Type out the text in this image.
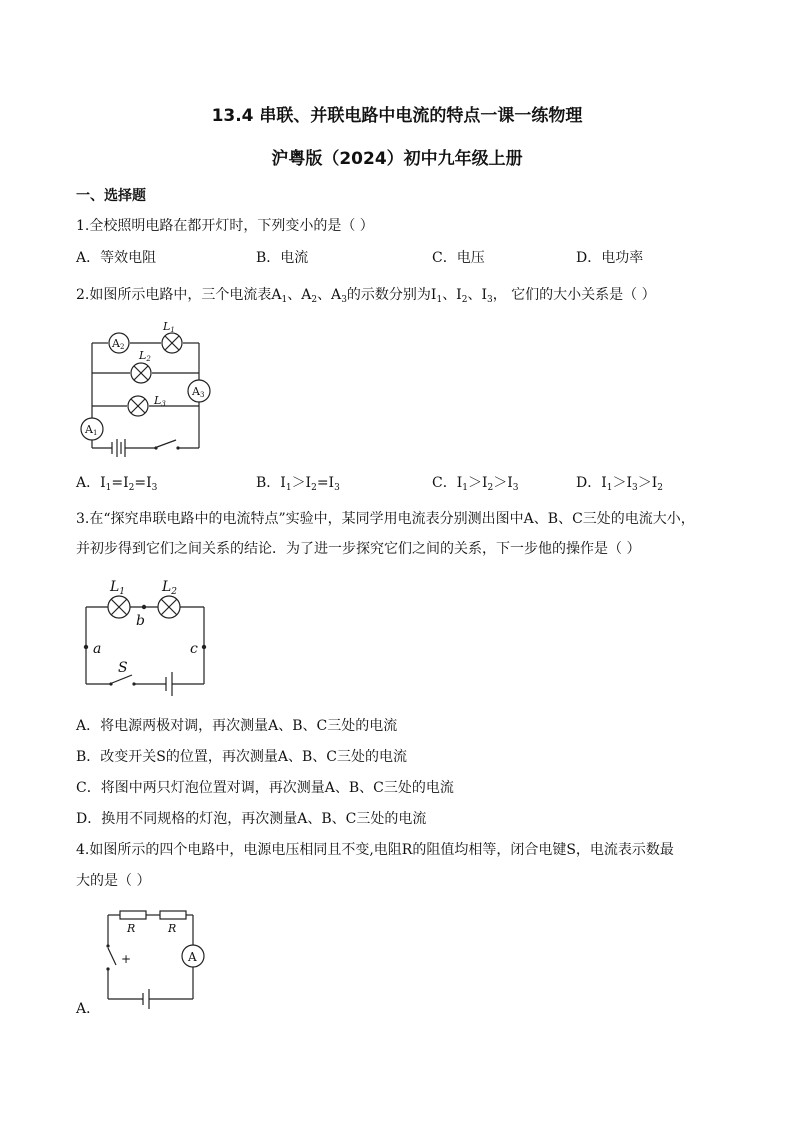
13.4 串联、并联电路中电流的特点一课一练物理
沪粤版（2024）初中九年级上册
一、选择题
1.全校照明电路在都开灯时，下列变小的是（ ）
A．等效电阻	B．电流	C．电压	D．电功率
2.如图所示电路中，三个电流表$A_1$、$A_2$、$A_3$的示数分别为$I_1$、$I_2$、$I_3$， 它们的大小关系是（ ）
A2
A3
A1
L1
L2
L3
A．$I_1=I_2=I_3$	B．$I_1>I_2=I_3$	C．$I_1>I_2>I_3$	D．$I_1>I_3>I_2$
3.在“探究串联电路中的电流特点”实验中，某同学用电流表分别测出图中A、B、C三处的电流大小，
并初步得到它们之间关系的结论．为了进一步探究它们之间的关系，下一步他的操作是（ ）
$L_1$	$L_2$
b
a	c
S
A．将电源两极对调，再次测量A、B、C三处的电流
B．改变开关S的位置，再次测量A、B、C三处的电流
C．将图中两只灯泡位置对调，再次测量A、B、C三处的电流
D．换用不同规格的灯泡，再次测量A、B、C三处的电流
4.如图所示的四个电路中，电源电压相同且不变,电阻R的阻值均相等，闭合电键S，电流表示数最
大的是（ ）
R	R
A
+
A．
